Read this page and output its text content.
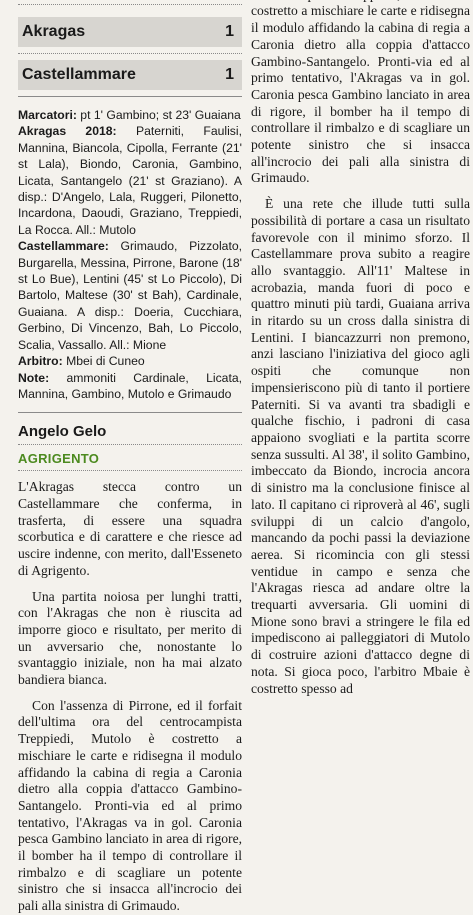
Akragas	1
Castellammare	1

Marcatori: pt 1' Gambino; st 23' Guaiana

Akragas 2018: Paterniti, Faulisi, Mannina, Biancola, Cipolla, Ferrante (21' st Lala), Biondo, Caronia, Gambino, Licata, Santangelo (21' st Graziano). A disp.: D'Angelo, Lala, Ruggeri, Pilonetto, Incardona, Daoudi, Graziano, Treppiedi, La Rocca. All.: Mutolo

Castellammare: Grimaudo, Pizzolato, Burgarella, Messina, Pirrone, Barone (18' st Lo Bue), Lentini (45' st Lo Piccolo), Di Bartolo, Maltese (30' st Bah), Cardinale, Guaiana. A disp.: Doeria, Cucchiara, Gerbino, Di Vincenzo, Bah, Lo Piccolo, Scalia, Vassallo. All.: Mione

Arbitro: Mbei di Cuneo

Note: ammoniti Cardinale, Licata, Mannina, Gambino, Mutolo e Grimaudo

Angelo Gelo
AGRIGENTO

L'Akragas stecca contro un Castellammare che conferma, in trasferta, di essere una squadra scorbutica e di carattere e che riesce ad uscire indenne, con merito, dall'Esseneto di Agrigento.

Una partita noiosa per lunghi tratti, con l'Akragas che non è riuscita ad imporre gioco e risultato, per merito di un avversario che, nonostante lo svantaggio iniziale, non ha mai alzato bandiera bianca.

Con l'assenza di Pirrone, ed il forfait dell'ultima ora del centrocampista Treppiedi, Mutolo è costretto a mischiare le carte e ridisegna il modulo affidando la cabina di regia a Caronia dietro alla coppia d'attacco Gambino-Santangelo. Pronti-via ed al primo tentativo, l'Akragas va in gol. Caronia pesca Gambino lanciato in area di rigore, il bomber ha il tempo di controllare il rimbalzo e di scagliare un potente sinistro che si insacca all'incrocio dei pali alla sinistra di Grimaudo.

costretto a mischiare le carte e ridisegna il modulo affidando la cabina di regia a Caronia dietro alla coppia d'attacco Gambino-Santangelo. Pronti-via ed al primo tentativo, l'Akragas va in gol. Caronia pesca Gambino lanciato in area di rigore, il bomber ha il tempo di controllare il rimbalzo e di scagliare un potente sinistro che si insacca all'incrocio dei pali alla sinistra di Grimaudo.

È una rete che illude tutti sulla possibilità di portare a casa un risultato favorevole con il minimo sforzo. Il Castellammare prova subito a reagire allo svantaggio. All'11' Maltese in acrobazia, manda fuori di poco e quattro minuti più tardi, Guaiana arriva in ritardo su un cross dalla sinistra di Lentini. I biancazzurri non premono, anzi lasciano l'iniziativa del gioco agli ospiti che comunque non impensieriscono più di tanto il portiere Paterniti. Si va avanti tra sbadigli e qualche fischio, i padroni di casa appaiono svogliati e la partita scorre senza sussulti. Al 38', il solito Gambino, imbeccato da Biondo, incrocia ancora di sinistro ma la conclusione finisce al lato. Il capitano ci riproverà al 46', sugli sviluppi di un calcio d'angolo, mancando da pochi passi la deviazione aerea. Si ricomincia con gli stessi ventidue in campo e senza che l'Akragas riesca ad andare oltre la trequarti avversaria. Gli uomini di Mione sono bravi a stringere le fila ed impediscono ai palleggiatori di Mutolo di costruire azioni d'attacco degne di nota. Si gioca poco, l'arbitro Mbaie è costretto spesso ad
